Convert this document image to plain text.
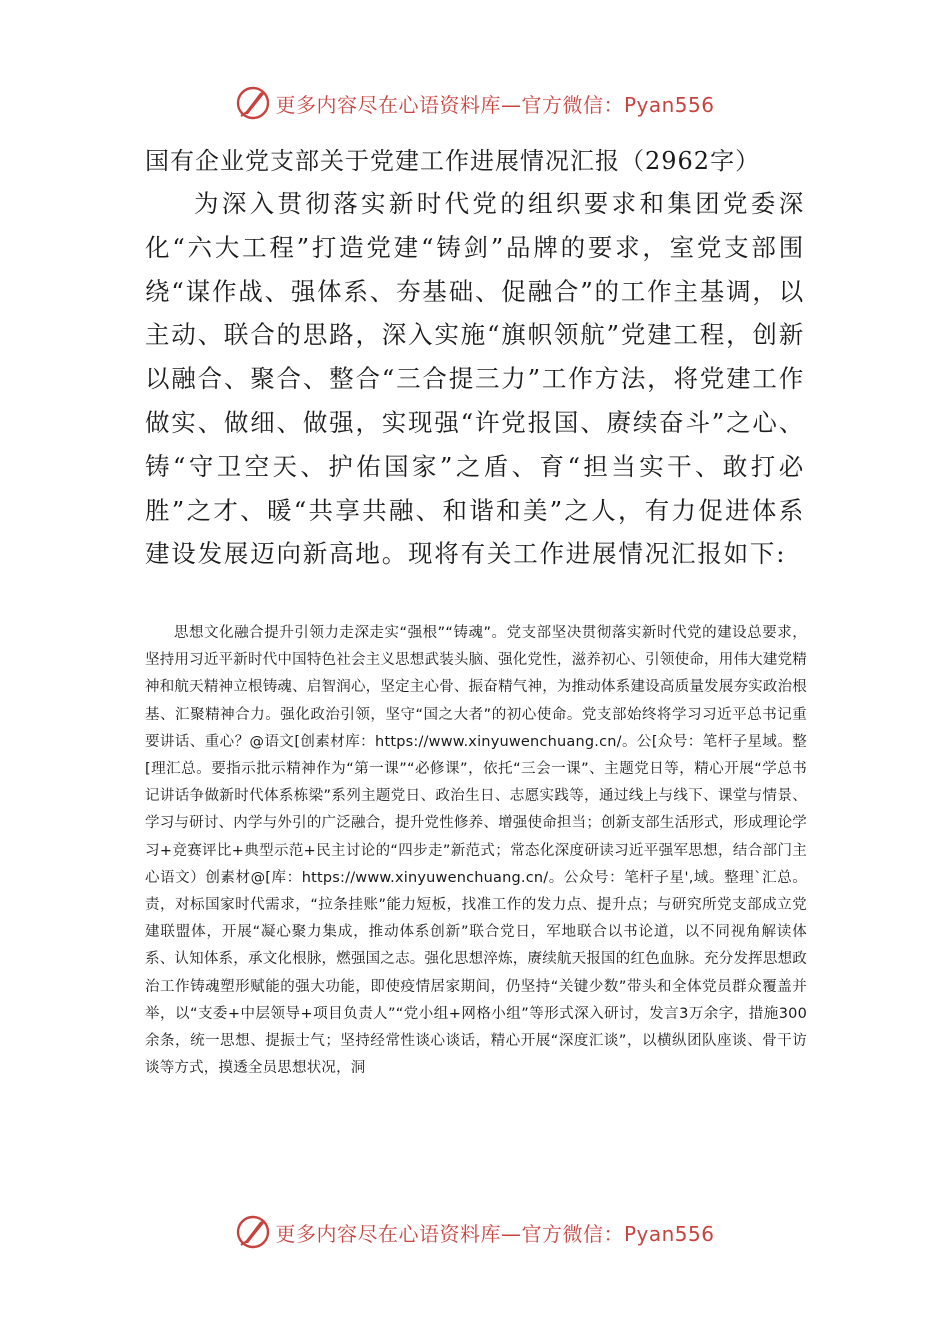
更多内容尽在心语资料库—官方微信：Pyan556
国有企业党支部关于党建工作进展情况汇报（2962字）

为深入贯彻落实新时代党的组织要求和集团党委深化“六大工程”打造党建“铸剑”品牌的要求，室党支部围绕“谋作战、强体系、夯基础、促融合”的工作主基调，以主动、联合的思路，深入实施“旗帜领航”党建工程，创新以融合、聚合、整合“三合提三力”工作方法，将党建工作做实、做细、做强，实现强“许党报国、赓续奋斗”之心、铸“守卫空天、护佑国家”之盾、育“担当实干、敢打必胜”之才、暖“共享共融、和谐和美”之人，有力促进体系建设发展迈向新高地。现将有关工作进展情况汇报如下:

思想文化融合提升引领力走深走实“强根”“铸魂”。党支部坚决贯彻落实新时代党的建设总要求，坚持用习近平新时代中国特色社会主义思想武装头脑、强化党性，滋养初心、引领使命，用伟大建党精神和航天精神立根铸魂、启智润心，坚定主心骨、振奋精气神，为推动体系建设高质量发展夯实政治根基、汇聚精神合力。强化政治引领，坚守“国之大者”的初心使命。党支部始终将学习习近平总书记重要讲话、重心？@语文[创素材库：https://www.xinyuwenchuang.cn/。公[众号：笔杆子星域。整[理汇总。要指示批示精神作为“第一课”“必修课”，依托“三会一课”、主题党日等，精心开展“学总书记讲话争做新时代体系栋梁”系列主题党日、政治生日、志愿实践等，通过线上与线下、课堂与情景、学习与研讨、内学与外引的广泛融合，提升党性修养、增强使命担当；创新支部生活形式，形成理论学习+竞赛评比+典型示范+民主讨论的“四步走”新范式；常态化深度研读习近平强军思想，结合部门主心语文）创素材@[库：https://www.xinyuwenchuang.cn/。公众号：笔杆子星',域。整理`汇总。责，对标国家时代需求，“拉条挂账”能力短板，找准工作的发力点、提升点；与研究所党支部成立党建联盟体，开展“凝心聚力集成，推动体系创新”联合党日，军地联合以书论道，以不同视角解读体系、认知体系，承文化根脉，燃强国之志。强化思想淬炼，赓续航天报国的红色血脉。充分发挥思想政治工作铸魂塑形赋能的强大功能，即使疫情居家期间，仍坚持“关键少数”带头和全体党员群众覆盖并举，以“支委+中层领导+项目负责人”“党小组+网格小组”等形式深入研讨，发言3万余字，措施300余条，统一思想、提振士气；坚持经常性谈心谈话，精心开展“深度汇谈”，以横纵团队座谈、骨干访谈等方式，摸透全员思想状况，洞

更多内容尽在心语资料库—官方微信：Pyan556
